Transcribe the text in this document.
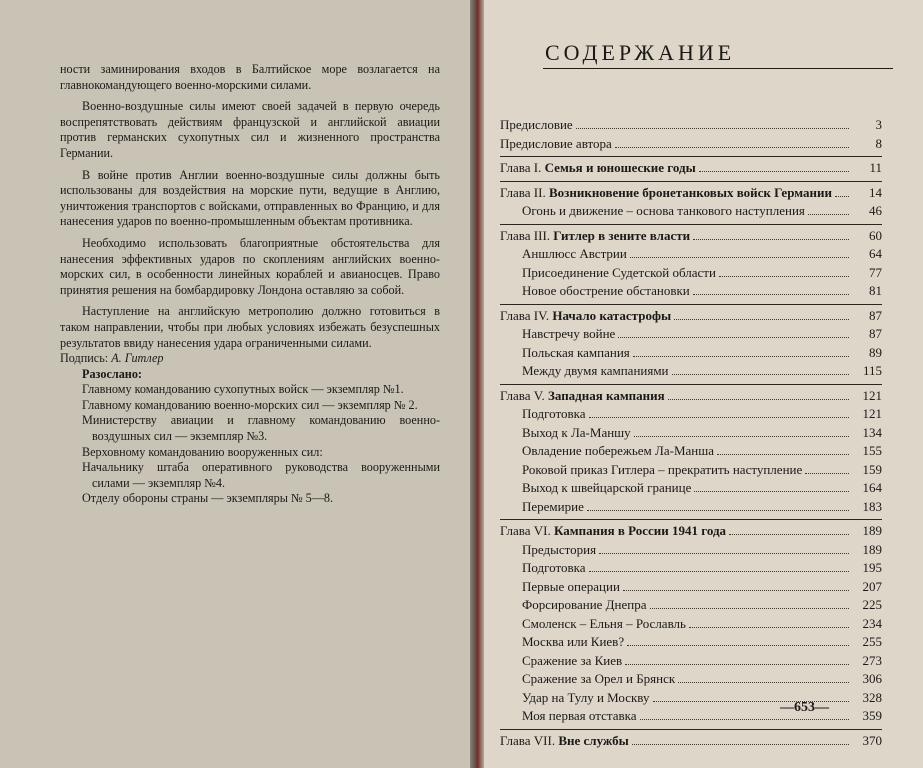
ности заминирования входов в Балтийское море возлагается на главнокомандующего военно-морскими силами.

Военно-воздушные силы имеют своей задачей в первую очередь воспрепятствовать действиям французской и английской авиации против германских сухопутных сил и жизненного пространства Германии.

В войне против Англии военно-воздушные силы должны быть использованы для воздействия на морские пути, ведущие в Англию, уничтожения транспортов с войсками, отправленных во Францию, и для нанесения ударов по военно-промышленным объектам противника.

Необходимо использовать благоприятные обстоятельства для нанесения эффективных ударов по скоплениям английских военно-морских сил, в особенности линейных кораблей и авианосцев. Право принятия решения на бомбардировку Лондона оставляю за собой.

Наступление на английскую метрополию должно готовиться в таком направлении, чтобы при любых условиях избежать безуспешных результатов ввиду нанесения удара ограниченными силами.

Подпись: А. Гитлер

Разослано:

Главному командованию сухопутных войск — экземпляр №1.

Главному командованию военно-морских сил — экземпляр № 2.

Министерству авиации и главному командованию военно-воздушных сил — экземпляр №3.

Верховному командованию вооруженных сил:

Начальнику штаба оперативного руководства вооруженными силами — экземпляр №4.

Отделу обороны страны — экземпляры № 5—8.

СОДЕРЖАНИЕ
Предисловие	3
Предисловие автора	8
Глава I. Семья и юношеские годы	11
Глава II. Возникновение бронетанковых войск Германии	14
Огонь и движение – основа танкового наступления	46
Глава III. Гитлер в зените власти	60
Аншлюсс Австрии	64
Присоединение Судетской области	77
Новое обострение обстановки	81
Глава IV. Начало катастрофы	87
Навстречу войне	87
Польская кампания	89
Между двумя кампаниями	115
Глава V. Западная кампания	121
Подготовка	121
Выход к Ла-Маншу	134
Овладение побережьем Ла-Манша	155
Роковой приказ Гитлера – прекратить наступление	159
Выход к швейцарской границе	164
Перемирие	183
Глава VI. Кампания в России 1941 года	189
Предыстория	189
Подготовка	195
Первые операции	207
Форсирование Днепра	225
Смоленск – Ельня – Рославль	234
Москва или Киев?	255
Сражение за Киев	273
Сражение за Орел и Брянск	306
Удар на Тулу и Москву	328
Моя первая отставка	359
Глава VII. Вне службы	370
—653—
